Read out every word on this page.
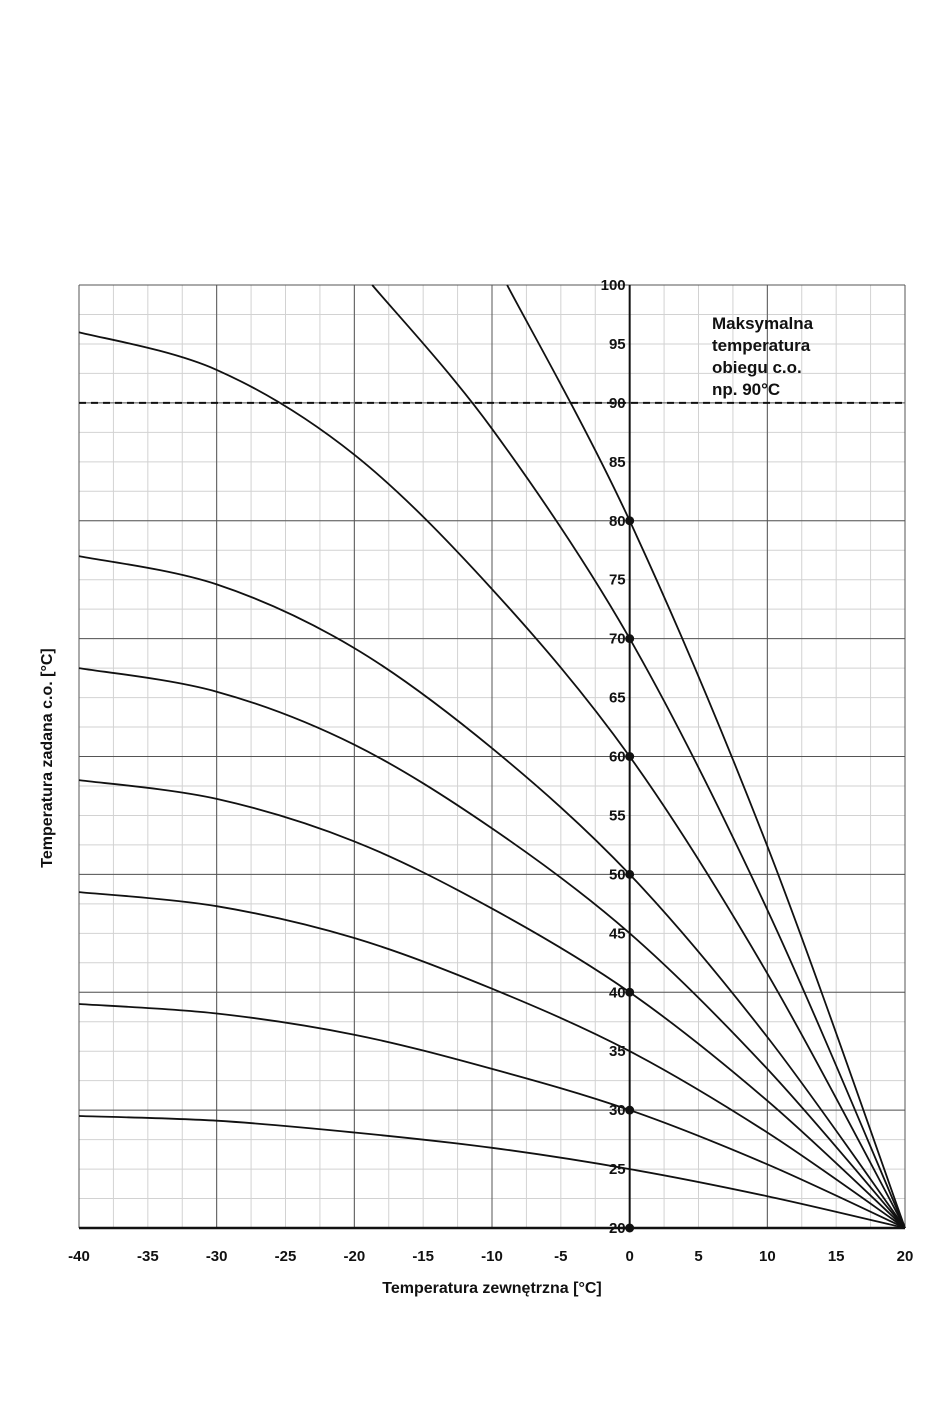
-40	-35	-30	-25	-20	-15	-10	-5	0	5	10	15	20
20
25
30
35
40
45
50
55
60
65
70
75
80
85
90
95
100
Temperatura zewnętrzna [°C]
Temperatura zadana c.o. [°C]
Maksymalna
temperatura
obiegu c.o.
np. 90°C
